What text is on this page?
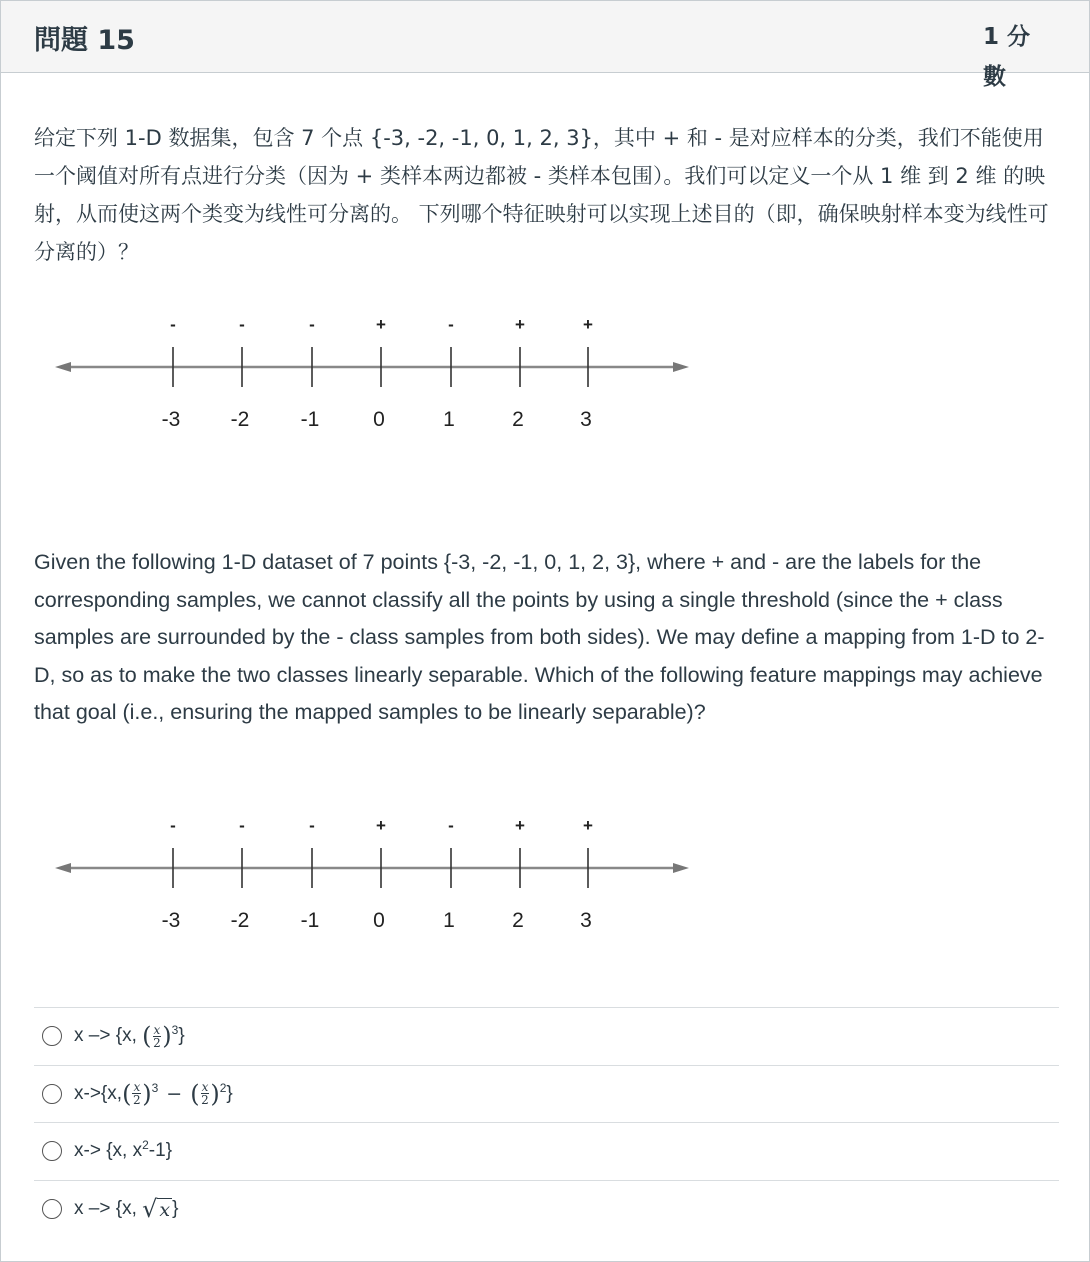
問題 15	1 分數
给定下列 1-D 数据集，包含 7 个点 {-3, -2, -1, 0, 1, 2, 3}，其中 + 和 - 是对应样本的分类，我们不能使用一个阈值对所有点进行分类（因为 + 类样本两边都被 - 类样本包围）。我们可以定义一个从 1 维 到 2 维 的映射，从而使这两个类变为线性可分离的。 下列哪个特征映射可以实现上述目的（即，确保映射样本变为线性可分离的）？
-
-3
-
-2
-
-1
+
0
-
1
+
2
+
3
Given the following 1-D dataset of 7 points {-3, -2, -1, 0, 1, 2, 3}, where + and - are the labels for the corresponding samples, we cannot classify all the points by using a single threshold (since the + class samples are surrounded by the - class samples from both sides). We may define a mapping from 1-D to 2-D, so as to make the two classes linearly separable. Which of the following feature mappings may achieve that goal (i.e., ensuring the mapped samples to be linearly separable)?
-
-3
-
-2
-
-1
+
0
-
1
+
2
+
3
x –> {x, ( $\frac{x}{2}$ ) 3 }
x->{x, ( $\frac{x}{2}$ ) 3 − ( $\frac{x}{2}$ ) 2 }
x-> {x, x 2 -1}
x –> {x, √ x }
